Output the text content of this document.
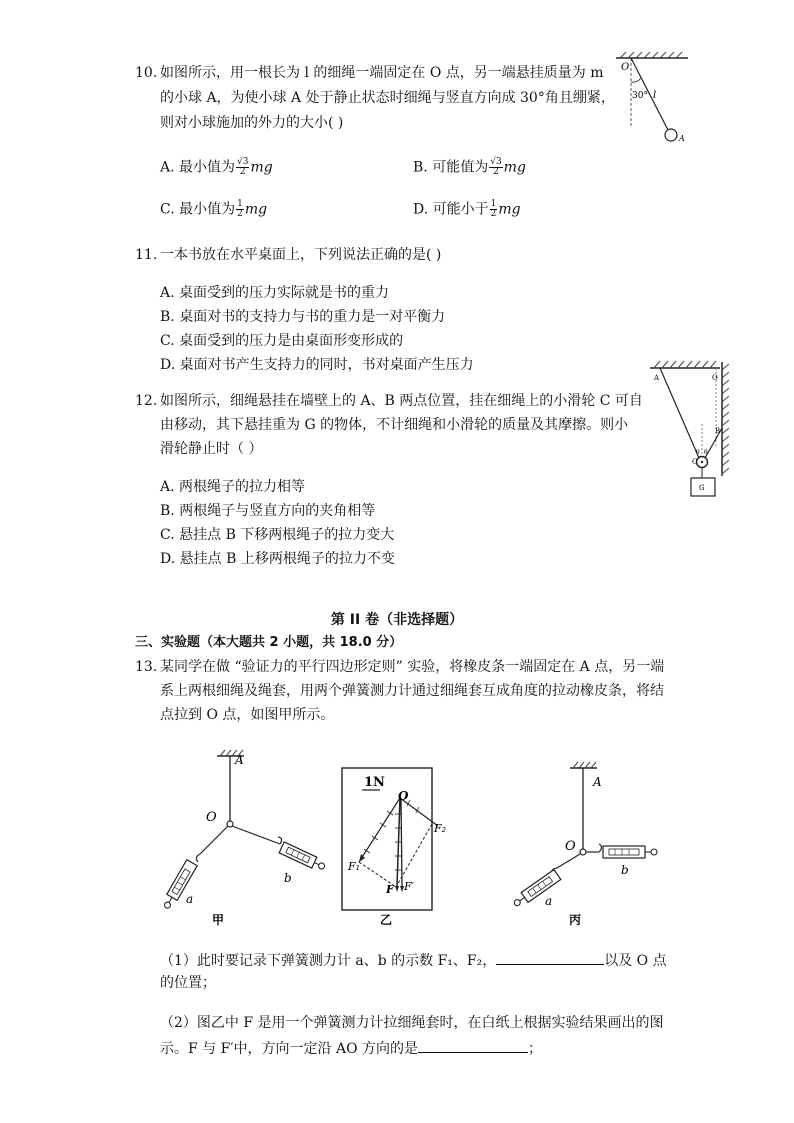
10. 如图所示，用一根长为 l 的细绳一端固定在 O 点，另一端悬挂质量为 m
的小球 A，为使小球 A 处于静止状态时细绳与竖直方向成 30°角且绷紧，
则对小球施加的外力的大小( )
A. 最小值为 $\frac{√3}{2}$ mg	B. 可能值为 $\frac{√3}{2}$ mg
C. 最小值为 $\frac{1}{2}$ mg	D. 可能小于 $\frac{1}{2}$ mg
O
30° l
A
11. 一本书放在水平桌面上，下列说法正确的是( )
A. 桌面受到的压力实际就是书的重力
B. 桌面对书的支持力与书的重力是一对平衡力
C. 桌面受到的压力是由桌面形变形成的
D. 桌面对书产生支持力的同时，书对桌面产生压力
12. 如图所示，细绳悬挂在墙壁上的 A、B 两点位置，挂在细绳上的小滑轮 C 可自
由移动，其下悬挂重为 G 的物体，不计细绳和小滑轮的质量及其摩擦。则小
滑轮静止时（ ）
A. 两根绳子的拉力相等
B. 两根绳子与竖直方向的夹角相等
C. 悬挂点 B 下移两根绳子的拉力变大
D. 悬挂点 B 上移两根绳子的拉力不变
A	O
B
C
θ θ
G
第 II 卷（非选择题）
三、实验题（本大题共 2 小题，共 18.0 分）
13. 某同学在做 “验证力的平行四边形定则” 实验，将橡皮条一端固定在 A 点，另一端
系上两根细绳及绳套，用两个弹簧测力计通过细绳套互成角度的拉动橡皮条，将结
点拉到 O 点，如图甲所示。
A
O
a
b
甲
1N
O
F₂
F₁
F F′
乙
A
O
a
b
丙
（1）此时要记录下弹簧测力计 a、b 的示数 F₁、F₂，	以及 O 点
的位置；
（2）图乙中 F 是用一个弹簧测力计拉细绳套时，在白纸上根据实验结果画出的图
示。F 与 F′中，方向一定沿 AO 方向的是	；
